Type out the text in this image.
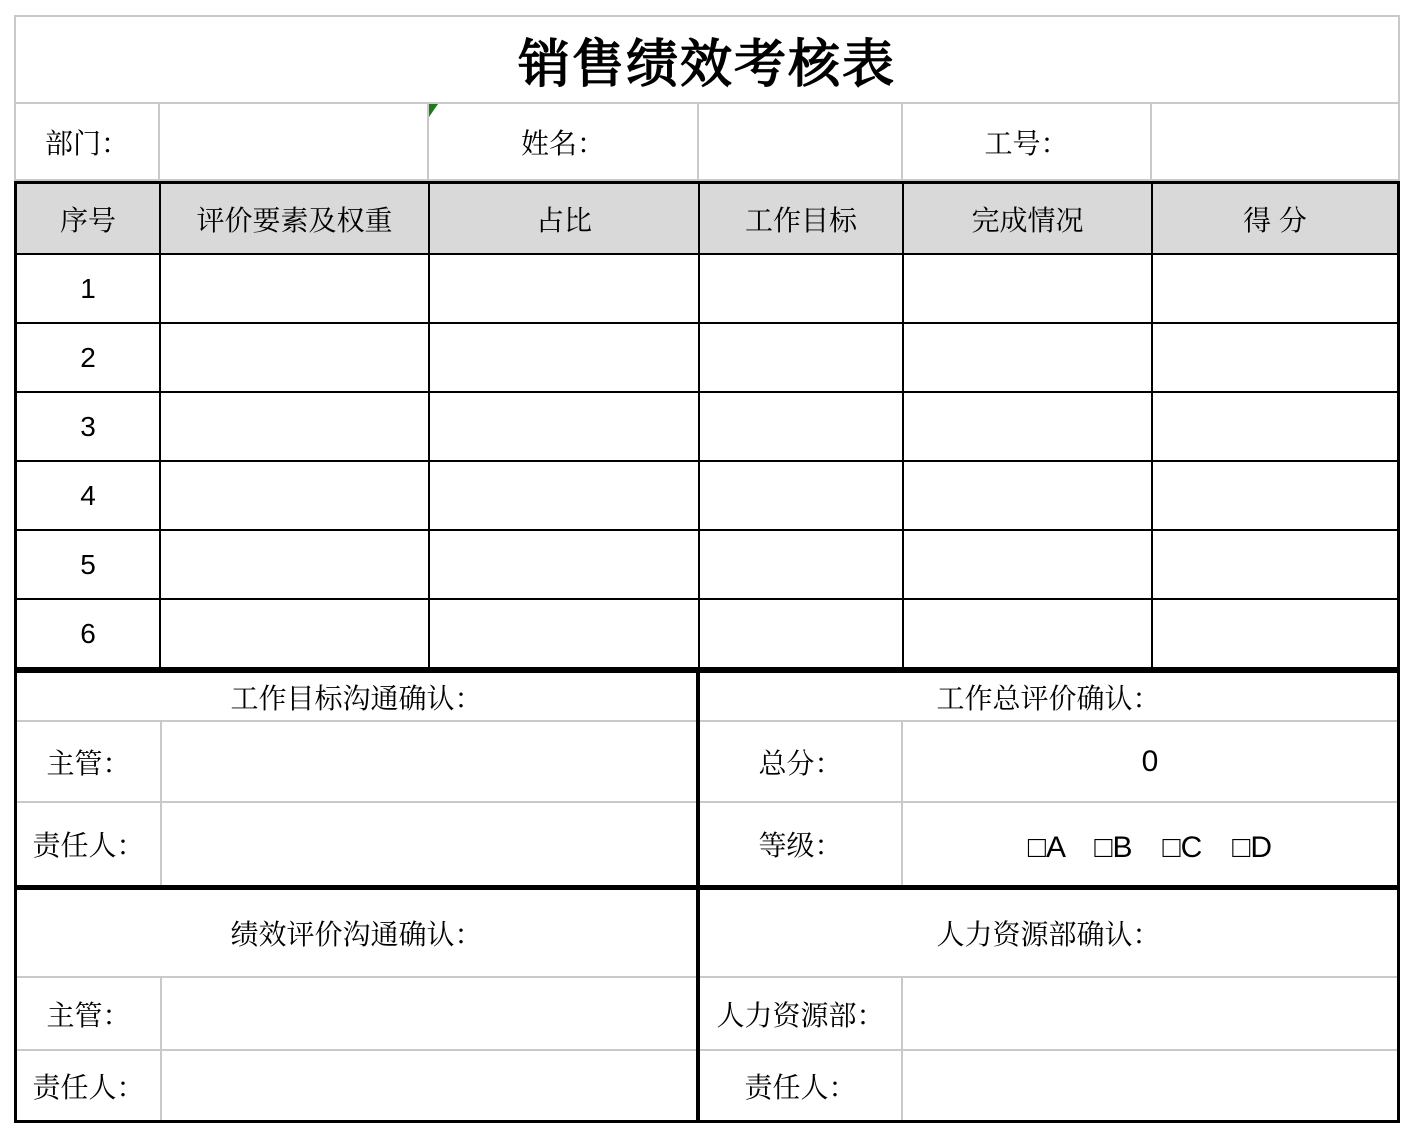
销售绩效考核表
部门：	姓名：	工号：
序号	评价要素及权重	占比	工作目标	完成情况	得 分
1
2
3
4
5
6
工作目标沟通确认：
主管：
责任人：
工作总评价确认：
总分：	0
等级：	□A　□B　□C　□D
绩效评价沟通确认：
主管：
责任人：
人力资源部确认：
人力资源部：
责任人：
